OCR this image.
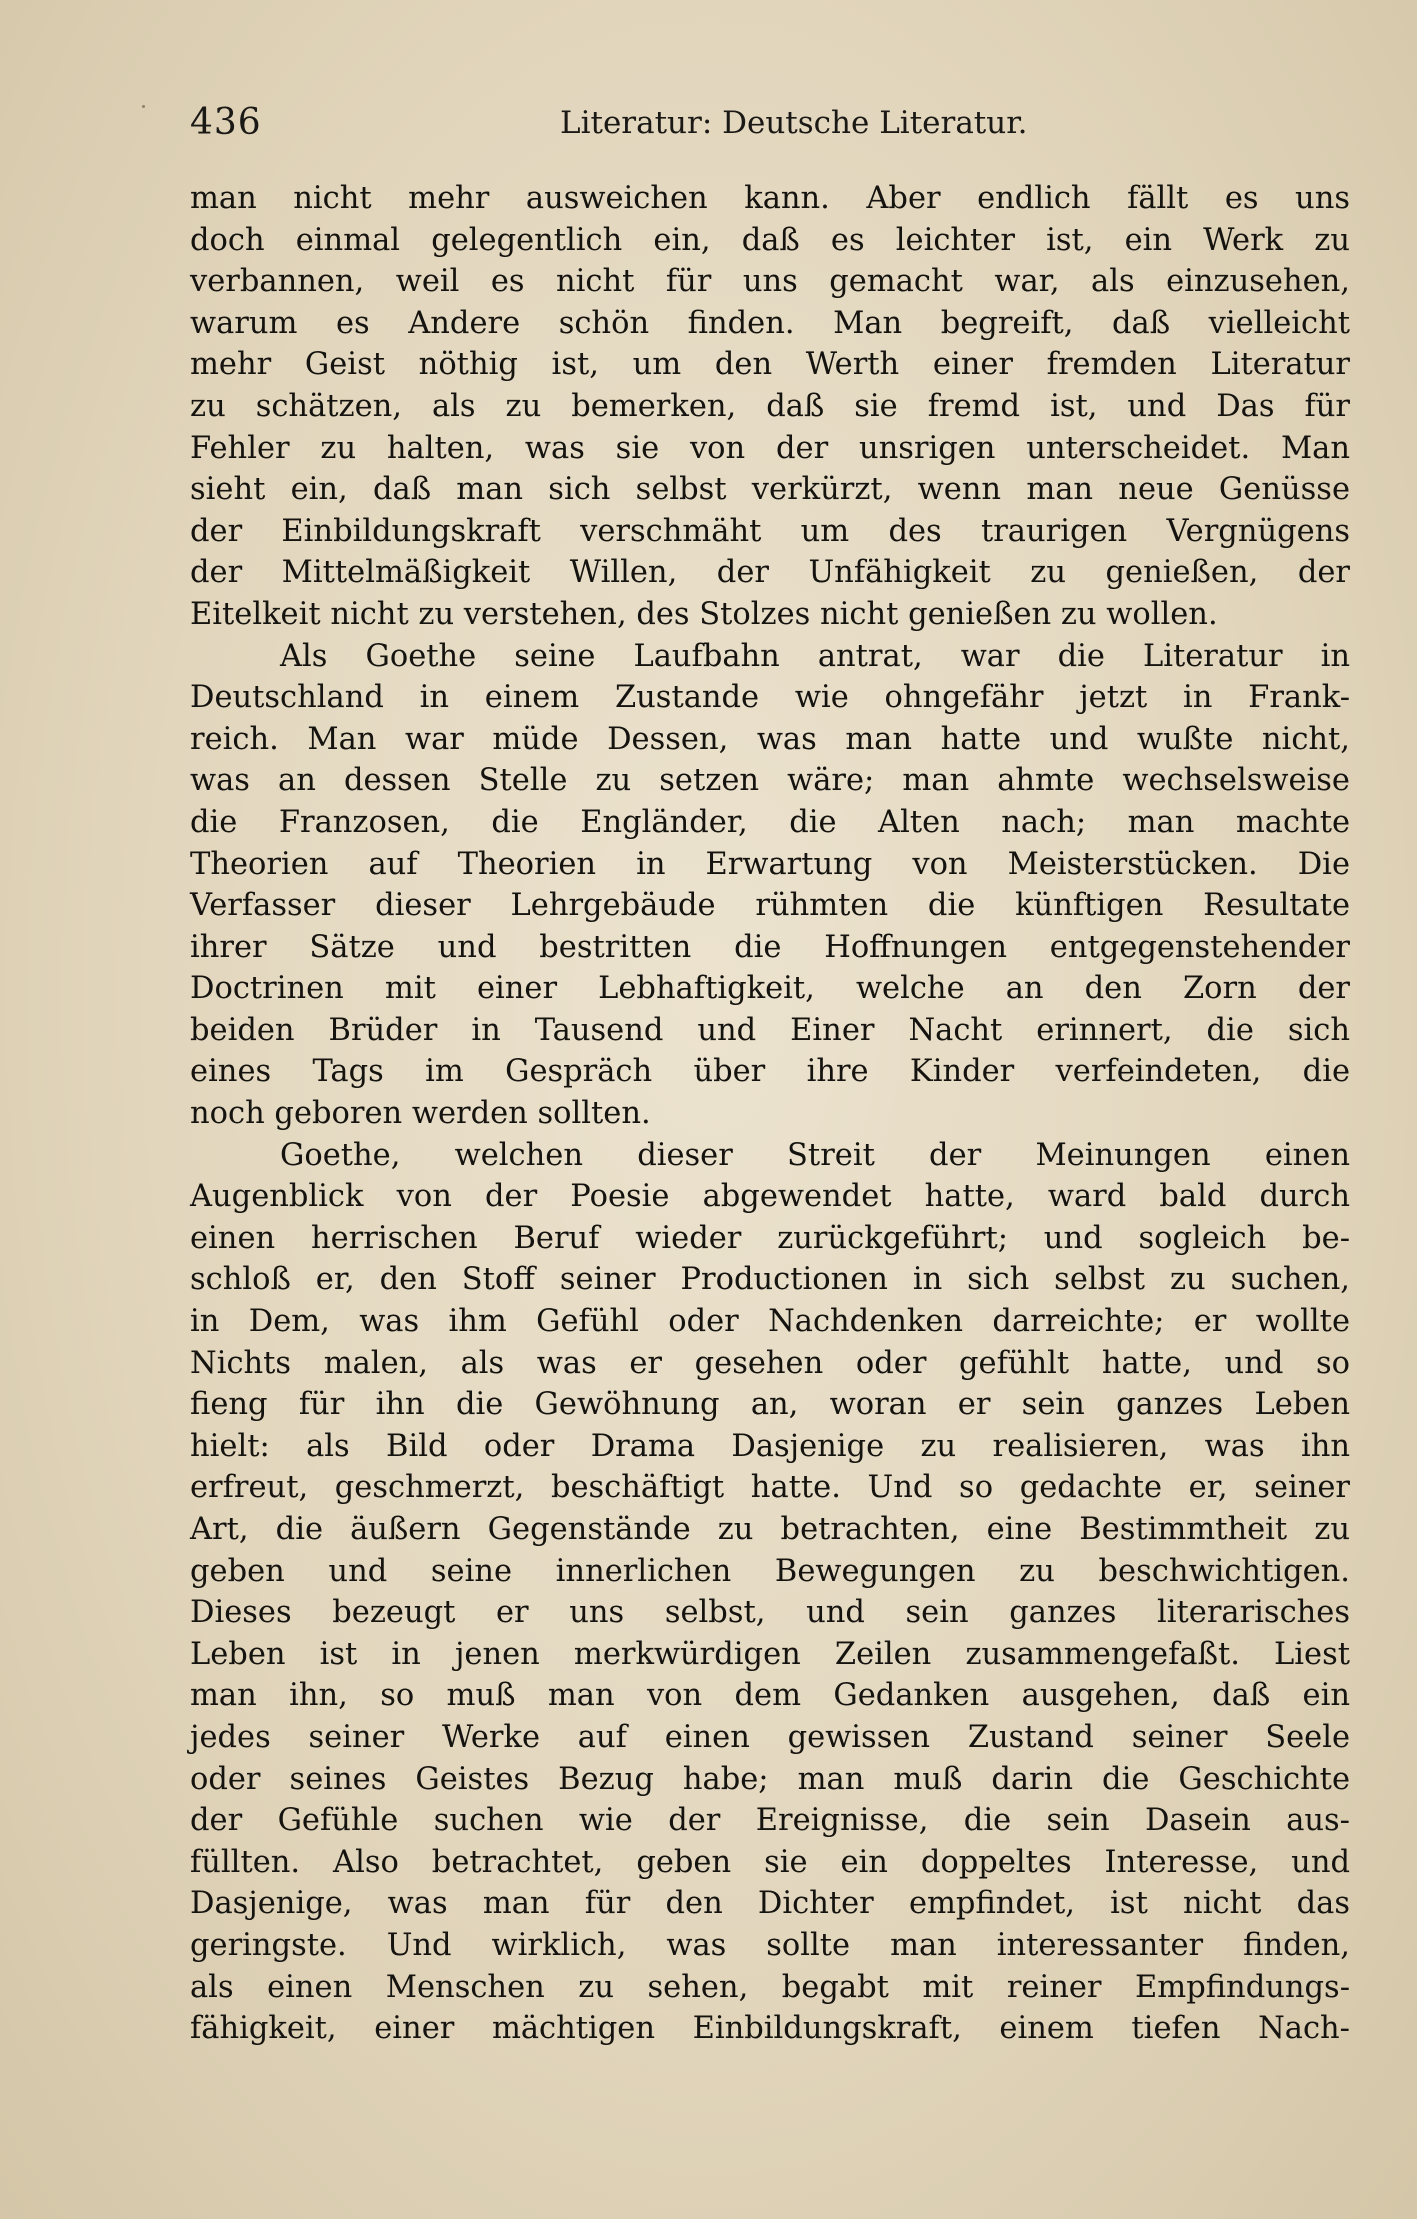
436	Literatur: Deutsche Literatur.
man nicht mehr ausweichen kann. Aber endlich fällt es uns
doch einmal gelegentlich ein, daß es leichter ist, ein Werk zu
verbannen, weil es nicht für uns gemacht war, als einzusehen,
warum es Andere schön finden. Man begreift, daß vielleicht
mehr Geist nöthig ist, um den Werth einer fremden Literatur
zu schätzen, als zu bemerken, daß sie fremd ist, und Das für
Fehler zu halten, was sie von der unsrigen unterscheidet. Man
sieht ein, daß man sich selbst verkürzt, wenn man neue Genüsse
der Einbildungskraft verschmäht um des traurigen Vergnügens
der Mittelmäßigkeit Willen, der Unfähigkeit zu genießen, der
Eitelkeit nicht zu verstehen, des Stolzes nicht genießen zu wollen.
Als Goethe seine Laufbahn antrat, war die Literatur in
Deutschland in einem Zustande wie ohngefähr jetzt in Frank-
reich. Man war müde Dessen, was man hatte und wußte nicht,
was an dessen Stelle zu setzen wäre; man ahmte wechselsweise
die Franzosen, die Engländer, die Alten nach; man machte
Theorien auf Theorien in Erwartung von Meisterstücken. Die
Verfasser dieser Lehrgebäude rühmten die künftigen Resultate
ihrer Sätze und bestritten die Hoffnungen entgegenstehender
Doctrinen mit einer Lebhaftigkeit, welche an den Zorn der
beiden Brüder in Tausend und Einer Nacht erinnert, die sich
eines Tags im Gespräch über ihre Kinder verfeindeten, die
noch geboren werden sollten.
Goethe, welchen dieser Streit der Meinungen einen
Augenblick von der Poesie abgewendet hatte, ward bald durch
einen herrischen Beruf wieder zurückgeführt; und sogleich be-
schloß er, den Stoff seiner Productionen in sich selbst zu suchen,
in Dem, was ihm Gefühl oder Nachdenken darreichte; er wollte
Nichts malen, als was er gesehen oder gefühlt hatte, und so
fieng für ihn die Gewöhnung an, woran er sein ganzes Leben
hielt: als Bild oder Drama Dasjenige zu realisieren, was ihn
erfreut, geschmerzt, beschäftigt hatte. Und so gedachte er, seiner
Art, die äußern Gegenstände zu betrachten, eine Bestimmtheit zu
geben und seine innerlichen Bewegungen zu beschwichtigen.
Dieses bezeugt er uns selbst, und sein ganzes literarisches
Leben ist in jenen merkwürdigen Zeilen zusammengefaßt. Liest
man ihn, so muß man von dem Gedanken ausgehen, daß ein
jedes seiner Werke auf einen gewissen Zustand seiner Seele
oder seines Geistes Bezug habe; man muß darin die Geschichte
der Gefühle suchen wie der Ereignisse, die sein Dasein aus-
füllten. Also betrachtet, geben sie ein doppeltes Interesse, und
Dasjenige, was man für den Dichter empfindet, ist nicht das
geringste. Und wirklich, was sollte man interessanter finden,
als einen Menschen zu sehen, begabt mit reiner Empfindungs-
fähigkeit, einer mächtigen Einbildungskraft, einem tiefen Nach-
